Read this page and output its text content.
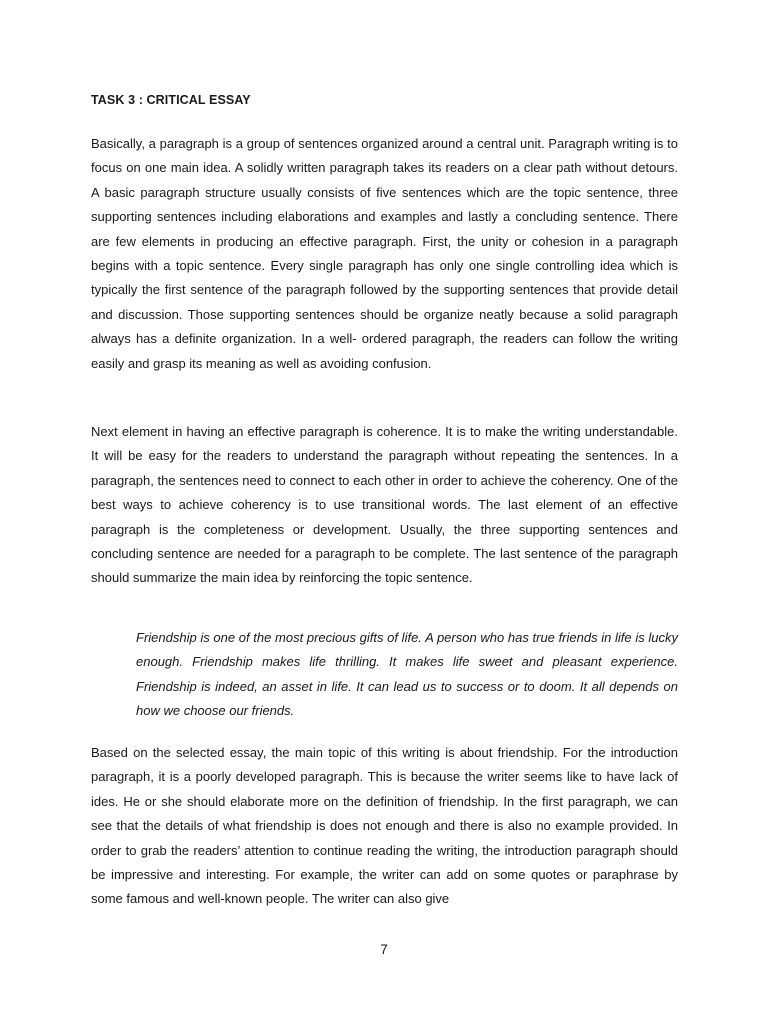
TASK 3 : CRITICAL ESSAY

Basically, a paragraph is a group of sentences organized around a central unit. Paragraph writing is to focus on one main idea. A solidly written paragraph takes its readers on a clear path without detours. A basic paragraph structure usually consists of five sentences which are the topic sentence, three supporting sentences including elaborations and examples and lastly a concluding sentence. There are few elements in producing an effective paragraph. First, the unity or cohesion in a paragraph begins with a topic sentence. Every single paragraph has only one single controlling idea which is typically the first sentence of the paragraph followed by the supporting sentences that provide detail and discussion. Those supporting sentences should be organize neatly because a solid paragraph always has a definite organization. In a well- ordered paragraph, the readers can follow the writing easily and grasp its meaning as well as avoiding confusion.

Next element in having an effective paragraph is coherence. It is to make the writing understandable. It will be easy for the readers to understand the paragraph without repeating the sentences. In a paragraph, the sentences need to connect to each other in order to achieve the coherency. One of the best ways to achieve coherency is to use transitional words. The last element of an effective paragraph is the completeness or development. Usually, the three supporting sentences and concluding sentence are needed for a paragraph to be complete. The last sentence of the paragraph should summarize the main idea by reinforcing the topic sentence.

Friendship is one of the most precious gifts of life. A person who has true friends in life is lucky enough. Friendship makes life thrilling. It makes life sweet and pleasant experience. Friendship is indeed, an asset in life. It can lead us to success or to doom. It all depends on how we choose our friends.

Based on the selected essay, the main topic of this writing is about friendship. For the introduction paragraph, it is a poorly developed paragraph. This is because the writer seems like to have lack of ides. He or she should elaborate more on the definition of friendship. In the first paragraph, we can see that the details of what friendship is does not enough and there is also no example provided. In order to grab the readers’ attention to continue reading the writing, the introduction paragraph should be impressive and interesting. For example, the writer can add on some quotes or paraphrase by some famous and well-known people. The writer can also give

7
